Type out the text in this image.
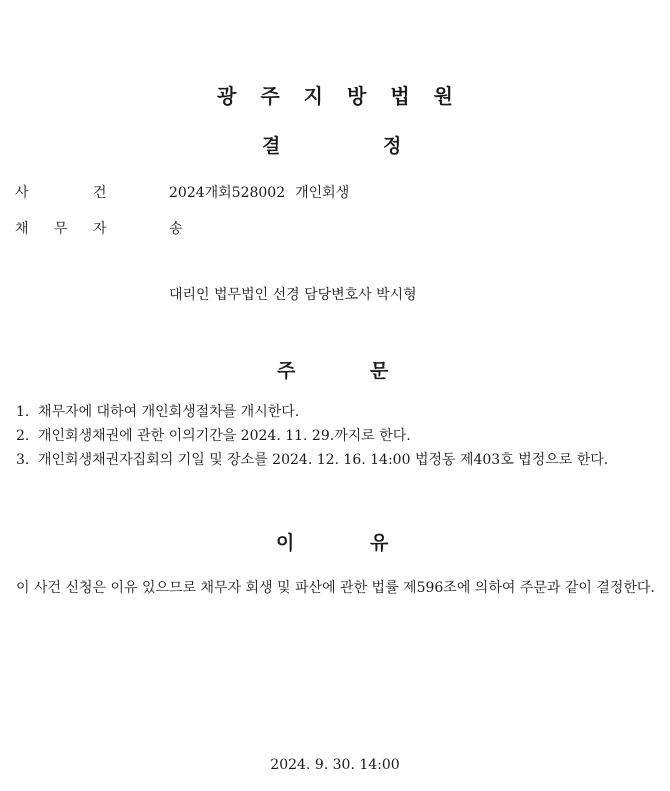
광 주 지 방 법 원
결	정
사	건	2024개회528002 개인회생
채 무 자	송
대리인 법무법인 선경 담당변호사 박시형
주	문
1. 채무자에 대하여 개인회생절차를 개시한다.
2. 개인회생채권에 관한 이의기간을 2024. 11. 29.까지로 한다.
3. 개인회생채권자집회의 기일 및 장소를 2024. 12. 16. 14:00 법정동 제403호 법정으로 한다.
이	유
이 사건 신청은 이유 있으므로 채무자 회생 및 파산에 관한 법률 제596조에 의하여 주문과 같이 결정한다.
2024. 9. 30. 14:00
